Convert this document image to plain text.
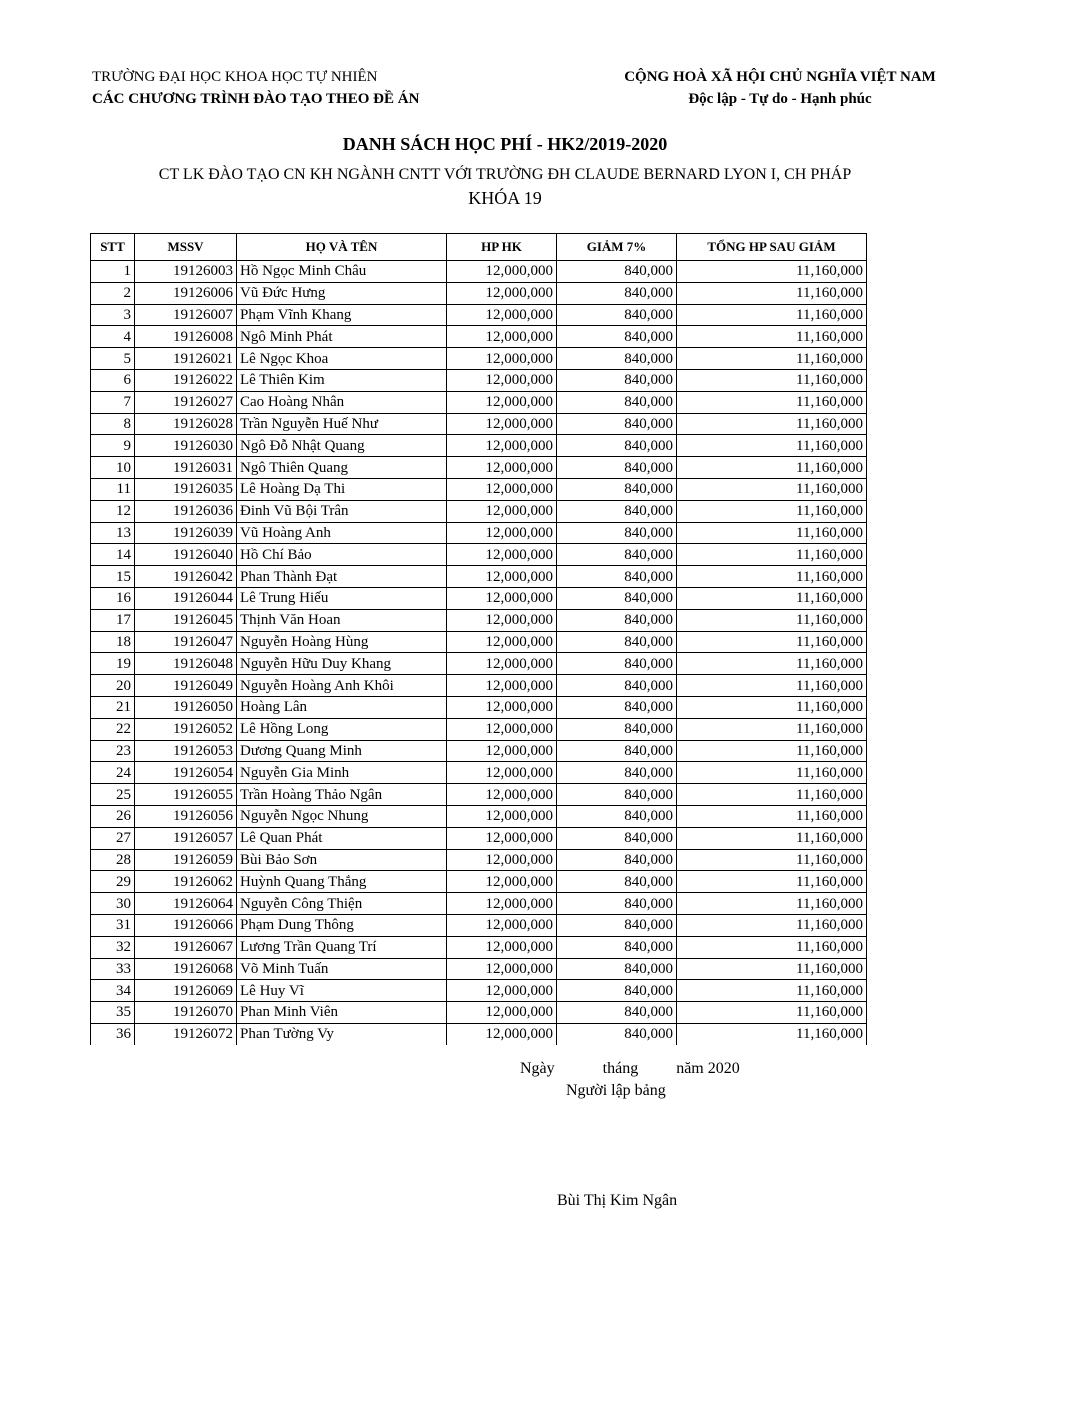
TRƯỜNG ĐẠI HỌC KHOA HỌC TỰ NHIÊN
CÁC CHƯƠNG TRÌNH ĐÀO TẠO THEO ĐỀ ÁN
CỘNG HOÀ XÃ HỘI CHỦ NGHĨA VIỆT NAM
Độc lập - Tự do - Hạnh phúc
DANH SÁCH HỌC PHÍ - HK2/2019-2020
CT LK ĐÀO TẠO CN KH NGÀNH CNTT VỚI TRƯỜNG ĐH CLAUDE BERNARD LYON I, CH PHÁP
KHÓA 19
STT	MSSV	HỌ VÀ TÊN	HP HK	GIẢM 7%	TỔNG HP SAU GIẢM
1	19126003	Hồ Ngọc Minh Châu	12,000,000	840,000	11,160,000
2	19126006	Vũ Đức Hưng	12,000,000	840,000	11,160,000
3	19126007	Phạm Vĩnh Khang	12,000,000	840,000	11,160,000
4	19126008	Ngô Minh Phát	12,000,000	840,000	11,160,000
5	19126021	Lê Ngọc Khoa	12,000,000	840,000	11,160,000
6	19126022	Lê Thiên Kim	12,000,000	840,000	11,160,000
7	19126027	Cao Hoàng Nhân	12,000,000	840,000	11,160,000
8	19126028	Trần Nguyễn Huế Như	12,000,000	840,000	11,160,000
9	19126030	Ngô Đỗ Nhật Quang	12,000,000	840,000	11,160,000
10	19126031	Ngô Thiên Quang	12,000,000	840,000	11,160,000
11	19126035	Lê Hoàng Dạ Thi	12,000,000	840,000	11,160,000
12	19126036	Đinh Vũ Bội Trân	12,000,000	840,000	11,160,000
13	19126039	Vũ Hoàng Anh	12,000,000	840,000	11,160,000
14	19126040	Hồ Chí Bảo	12,000,000	840,000	11,160,000
15	19126042	Phan Thành Đạt	12,000,000	840,000	11,160,000
16	19126044	Lê Trung Hiếu	12,000,000	840,000	11,160,000
17	19126045	Thịnh Văn Hoan	12,000,000	840,000	11,160,000
18	19126047	Nguyễn Hoàng Hùng	12,000,000	840,000	11,160,000
19	19126048	Nguyễn Hữu Duy Khang	12,000,000	840,000	11,160,000
20	19126049	Nguyễn Hoàng Anh Khôi	12,000,000	840,000	11,160,000
21	19126050	Hoàng Lân	12,000,000	840,000	11,160,000
22	19126052	Lê Hồng Long	12,000,000	840,000	11,160,000
23	19126053	Dương Quang Minh	12,000,000	840,000	11,160,000
24	19126054	Nguyễn Gia Minh	12,000,000	840,000	11,160,000
25	19126055	Trần Hoàng Thảo Ngân	12,000,000	840,000	11,160,000
26	19126056	Nguyễn Ngọc Nhung	12,000,000	840,000	11,160,000
27	19126057	Lê Quan Phát	12,000,000	840,000	11,160,000
28	19126059	Bùi Bảo Sơn	12,000,000	840,000	11,160,000
29	19126062	Huỳnh Quang Thắng	12,000,000	840,000	11,160,000
30	19126064	Nguyễn Công Thiện	12,000,000	840,000	11,160,000
31	19126066	Phạm Dung Thông	12,000,000	840,000	11,160,000
32	19126067	Lương Trần Quang Trí	12,000,000	840,000	11,160,000
33	19126068	Võ Minh Tuấn	12,000,000	840,000	11,160,000
34	19126069	Lê Huy Vĩ	12,000,000	840,000	11,160,000
35	19126070	Phan Minh Viên	12,000,000	840,000	11,160,000
36	19126072	Phan Tường Vy	12,000,000	840,000	11,160,000
Ngày	tháng năm 2020
Người lập bảng
Bùi Thị Kim Ngân
